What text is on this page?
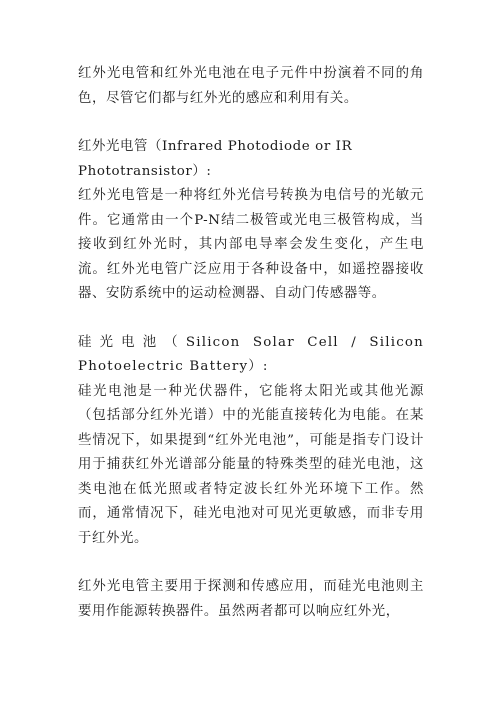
红外光电管和红外光电池在电子元件中扮演着不同的角色，尽管它们都与红外光的感应和利用有关。

红外光电管（Infrared Photodiode or IR Phototransistor）:

红外光电管是一种将红外光信号转换为电信号的光敏元件。它通常由一个P-N结二极管或光电三极管构成，当接收到红外光时，其内部电导率会发生变化，产生电流。红外光电管广泛应用于各种设备中，如遥控器接收器、安防系统中的运动检测器、自动门传感器等。

硅光电池（Silicon Solar Cell / Silicon Photoelectric Battery）:

硅光电池是一种光伏器件，它能将太阳光或其他光源（包括部分红外光谱）中的光能直接转化为电能。在某些情况下，如果提到“红外光电池”，可能是指专门设计用于捕获红外光谱部分能量的特殊类型的硅光电池，这类电池在低光照或者特定波长红外光环境下工作。然而，通常情况下，硅光电池对可见光更敏感，而非专用于红外光。

红外光电管主要用于探测和传感应用，而硅光电池则主要用作能源转换器件。虽然两者都可以响应红外光，
